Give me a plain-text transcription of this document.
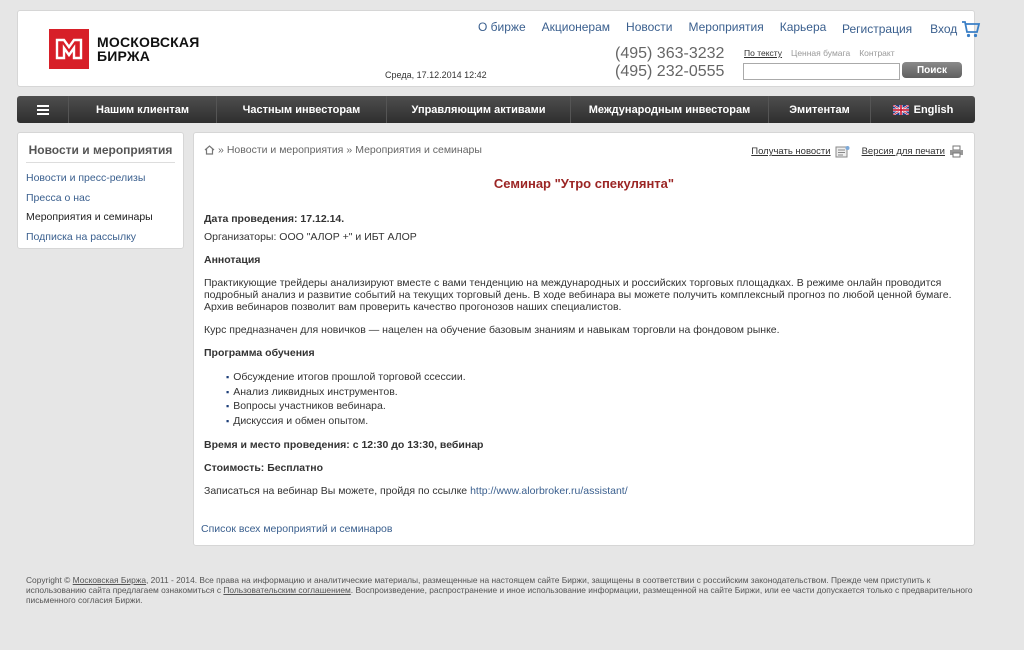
МОСКОВСКАЯ
БИРЖА
Среда, 17.12.2014 12:42
О бирже Акционерам Новости Мероприятия Карьера
(495) 363-3232
(495) 232-0555
Регистрация Вход
По тексту Ценная бумага Контракт
Поиск
Нашим клиентам	Частным инвесторам	Управляющим активами	Международным инвесторам	Эмитентам	English
Новости и мероприятия
Новости и пресс-релизы
Пресса о нас
Мероприятия и семинары
Подписка на рассылку
» Новости и мероприятия » Мероприятия и семинары	Получать новости	Версия для печати
Семинар "Утро спекулянта"

Дата проведения: 17.12.14.

Организаторы: ООО "АЛОР +" и ИБТ АЛОР

Аннотация

Практикующие трейдеры анализируют вместе с вами тенденцию на международных и российских торговых площадках. В режиме онлайн проводится подробный анализ и развитие событий на текущих торговый день. В ходе вебинара вы можете получить комплексный прогноз по любой ценной бумаге. Архив вебинаров позволит вам проверить качество прогонозов наших специалистов.

Курс предназначен для новичков — нацелен на обучение базовым знаниям и навыкам торговли на фондовом рынке.

Программа обучения

▪ Обсуждение итогов прошлой торговой ссессии.
▪ Анализ ликвидных инструментов.
▪ Вопросы участников вебинара.
▪ Дискуссия и обмен опытом.

Время и место проведения: с 12:30 до 13:30, вебинар

Стоимость: Бесплатно

Записаться на вебинар Вы можете, пройдя по ссылке http://www.alorbroker.ru/assistant/

Список всех мероприятий и семинаров
Copyright © Московская Биржа, 2011 - 2014. Все права на информацию и аналитические материалы, размещенные на настоящем сайте Биржи, защищены в соответствии с российским законодательством. Прежде чем приступить к использованию сайта предлагаем ознакомиться с Пользовательским соглашением. Воспроизведение, распространение и иное использование информации, размещенной на сайте Биржи, или ее части допускается только с предварительного письменного согласия Биржи.
